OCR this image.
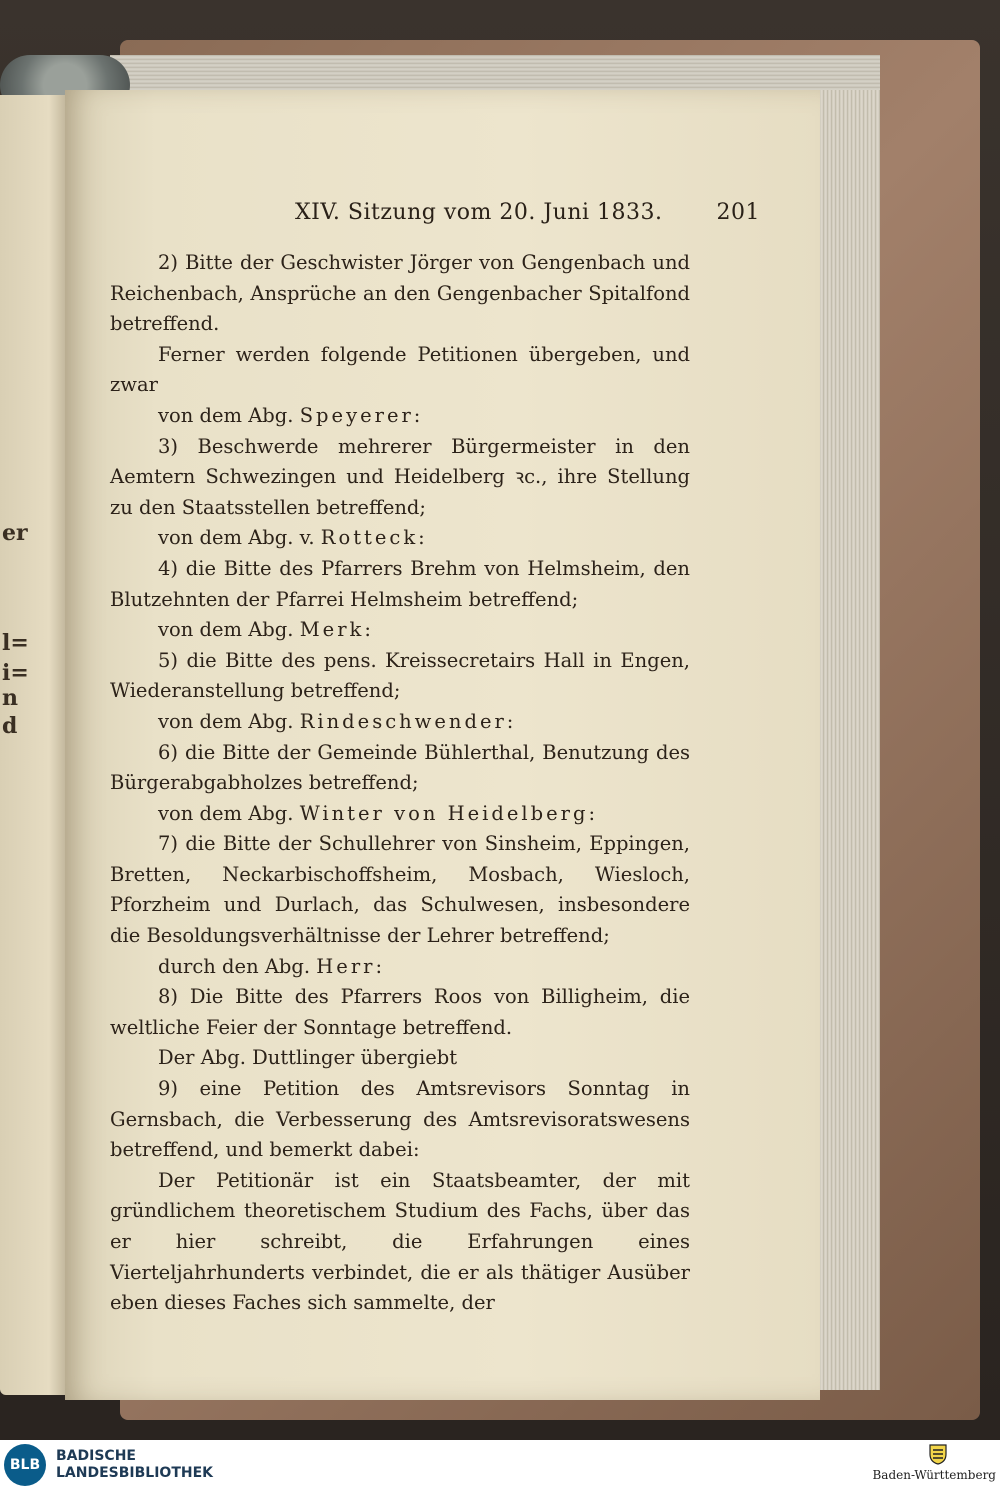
er
l=
i=
n
d
XIV. Sitzung vom 20. Juni 1833. 201

2) Bitte der Geschwister Jörger von Gengenbach und Reichenbach, Ansprüche an den Gengenbacher Spitalfond betreffend.

Ferner werden folgende Petitionen übergeben, und zwar

von dem Abg. Speyerer:

3) Beschwerde mehrerer Bürgermeister in den Aemtern Schwezingen und Heidelberg ꝛc., ihre Stellung zu den Staatsstellen betreffend;

von dem Abg. v. Rotteck:

4) die Bitte des Pfarrers Brehm von Helmsheim, den Blutzehnten der Pfarrei Helmsheim betreffend;

von dem Abg. Merk:

5) die Bitte des pens. Kreissecretairs Hall in Engen, Wiederanstellung betreffend;

von dem Abg. Rindeschwender:

6) die Bitte der Gemeinde Bühlerthal, Benutzung des Bürgerabgabholzes betreffend;

von dem Abg. Winter von Heidelberg:

7) die Bitte der Schullehrer von Sinsheim, Eppingen, Bretten, Neckarbischoffsheim, Mosbach, Wiesloch, Pforzheim und Durlach, das Schulwesen, insbesondere die Besoldungsverhältnisse der Lehrer betreffend;

durch den Abg. Herr:

8) Die Bitte des Pfarrers Roos von Billigheim, die weltliche Feier der Sonntage betreffend.

Der Abg. Duttlinger übergiebt

9) eine Petition des Amtsrevisors Sonntag in Gernsbach, die Verbesserung des Amtsrevisoratswesens betreffend, und bemerkt dabei:

Der Petitionär ist ein Staatsbeamter, der mit gründlichem theoretischem Studium des Fachs, über das er hier schreibt, die Erfahrungen eines Vierteljahrhunderts verbindet, die er als thätiger Ausüber eben dieses Faches sich sammelte, der

BLB
BADISCHE
LANDESBIBLIOTHEK	Baden-Württemberg
